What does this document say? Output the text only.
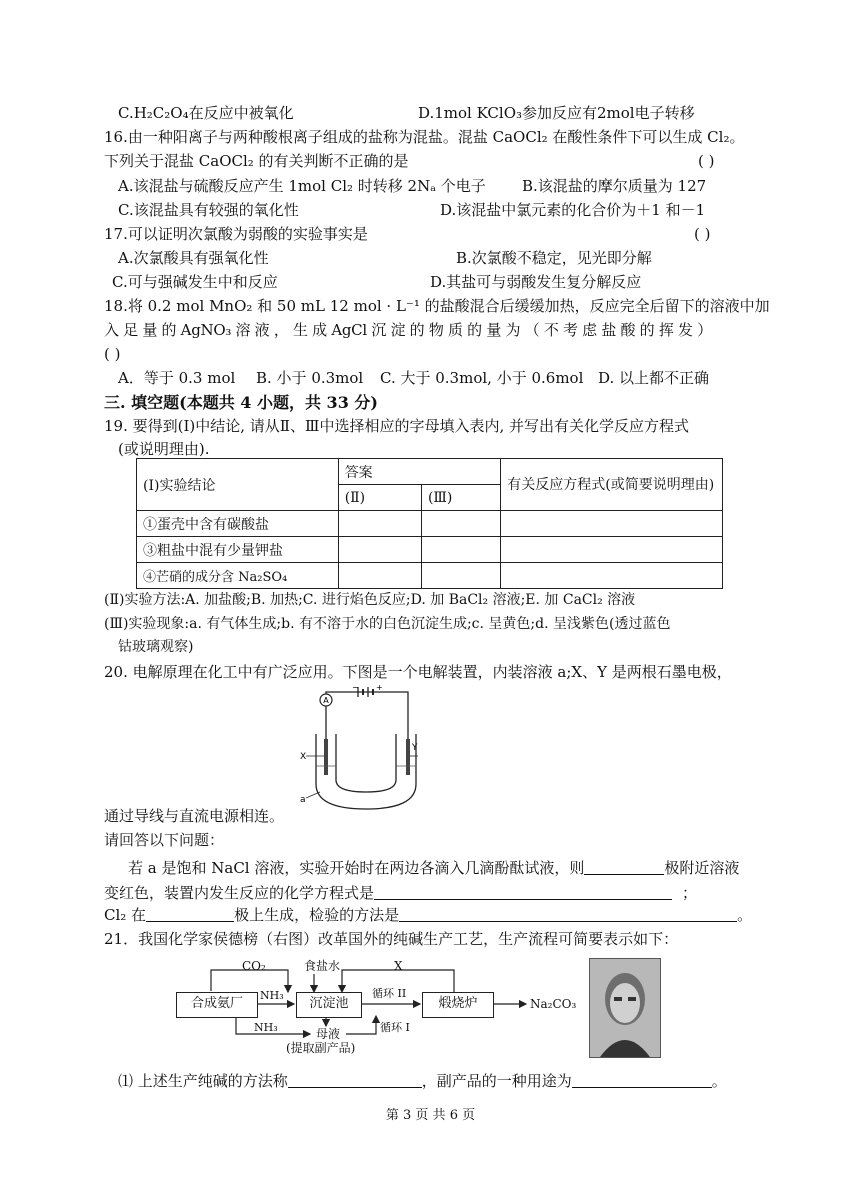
C.H₂C₂O₄在反应中被氧化	D.1mol KClO₃参加反应有2mol电子转移
16.由一种阳离子与两种酸根离子组成的盐称为混盐。混盐 CaOCl₂ 在酸性条件下可以生成 Cl₂。
下列关于混盐 CaOCl₂ 的有关判断不正确的是	( )
A.该混盐与硫酸反应产生 1mol Cl₂ 时转移 2Nₐ 个电子 B.该混盐的摩尔质量为 127
C.该混盐具有较强的氧化性	D.该混盐中氯元素的化合价为＋1 和－1
17.可以证明次氯酸为弱酸的实验事实是	( )
A.次氯酸具有强氧化性	B.次氯酸不稳定，见光即分解
C.可与强碱发生中和反应	D.其盐可与弱酸发生复分解反应
18.将 0.2 mol MnO₂ 和 50 mL 12 mol · L⁻¹ 的盐酸混合后缓缓加热，反应完全后留下的溶液中加
入 足 量 的 AgNO₃ 溶 液 ， 生 成 AgCl 沉 淀 的 物 质 的 量 为 （ 不 考 虑 盐 酸 的 挥 发 ）
( )
A．等于 0.3 mol B. 小于 0.3mol C. 大于 0.3mol, 小于 0.6mol D. 以上都不正确
三. 填空题(本题共 4 小题，共 33 分)
19. 要得到(Ⅰ)中结论, 请从Ⅱ、Ⅲ中选择相应的字母填入表内, 并写出有关化学反应方程式
(或说明理由).
(Ⅰ)实验结论	答案		有关反应方程式(或简要说明理由)
	(Ⅱ)	(Ⅲ)	
①蛋壳中含有碳酸盐			
③粗盐中混有少量钾盐			
④芒硝的成分含 Na₂SO₄			
(Ⅱ)实验方法:A. 加盐酸;B. 加热;C. 进行焰色反应;D. 加 BaCl₂ 溶液;E. 加 CaCl₂ 溶液
(Ⅲ)实验现象:a. 有气体生成;b. 有不溶于水的白色沉淀生成;c. 呈黄色;d. 呈浅紫色(透过蓝色
钴玻璃观察)
20. 电解原理在化工中有广泛应用。下图是一个电解装置，内装溶液 a;X、Y 是两根石墨电极，
A
− +
X
Y
a
通过导线与直流电源相连。
请回答以下问题：
若 a 是饱和 NaCl 溶液，实验开始时在两边各滴入几滴酚酞试液，则	极附近溶液
变红色，装置内发生反应的化学方程式是	；
Cl₂ 在	极上生成，检验的方法是	。
21．我国化学家侯德榜（右图）改革国外的纯碱生产工艺，生产流程可简要表示如下：
合成氨厂	沉淀池	煅烧炉
CO₂	食盐水	X
NH₃	循环 II
NH₃	循环 I
母液
(提取副产品)
Na₂CO₃
⑴ 上述生产纯碱的方法称	，副产品的一种用途为	。
第 3 页 共 6 页
